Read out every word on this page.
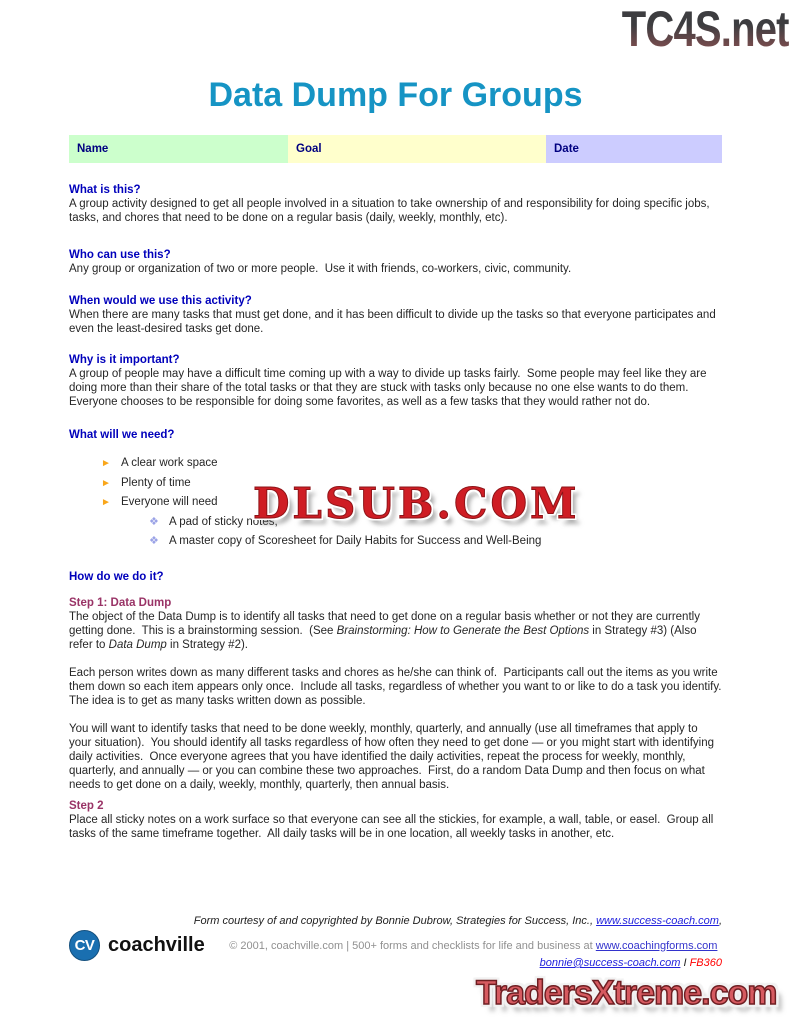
TC4S.net
DLSUB.COM
TradersXtreme.com
Data Dump For Groups
Name	Goal	Date
What is this?

A group activity designed to get all people involved in a situation to take ownership of and responsibility for doing specific jobs, tasks, and chores that need to be done on a regular basis (daily, weekly, monthly, etc).

Who can use this?

Any group or organization of two or more people.  Use it with friends, co-workers, civic, community.

When would we use this activity?

When there are many tasks that must get done, and it has been difficult to divide up the tasks so that everyone participates and even the least-desired tasks get done.

Why is it important?

A group of people may have a difficult time coming up with a way to divide up tasks fairly.  Some people may feel like they are doing more than their share of the total tasks or that they are stuck with tasks only because no one else wants to do them.  Everyone chooses to be responsible for doing some favorites, as well as a few tasks that they would rather not do.

What will we need?
► A clear work space
► Plenty of time
► Everyone will need
❖ A pad of sticky notes,
❖ A master copy of Scoresheet for Daily Habits for Success and Well-Being
How do we do it?
Step 1: Data Dump

The object of the Data Dump is to identify all tasks that need to get done on a regular basis whether or not they are currently getting done.  This is a brainstorming session.  (See Brainstorming: How to Generate the Best Options in Strategy #3) (Also refer to Data Dump in Strategy #2).

Each person writes down as many different tasks and chores as he/she can think of.  Participants call out the items as you write them down so each item appears only once.  Include all tasks, regardless of whether you want to or like to do a task you identify.  The idea is to get as many tasks written down as possible.

You will want to identify tasks that need to be done weekly, monthly, quarterly, and annually (use all timeframes that apply to your situation).  You should identify all tasks regardless of how often they need to get done — or you might start with identifying daily activities.  Once everyone agrees that you have identified the daily activities, repeat the process for weekly, monthly, quarterly, and annually — or you can combine these two approaches.  First, do a random Data Dump and then focus on what needs to get done on a daily, weekly, monthly, quarterly, then annual basis.

Step 2

Place all sticky notes on a work surface so that everyone can see all the stickies, for example, a wall, table, or easel.  Group all tasks of the same timeframe together.  All daily tasks will be in one location, all weekly tasks in another, etc.

Form courtesy of and copyrighted by Bonnie Dubrow, Strategies for Success, Inc., www.success-coach.com,

bonnie@success-coach.com I FB360

CV coachville	© 2001, coachville.com | 500+ forms and checklists for life and business at www.coachingforms.com
